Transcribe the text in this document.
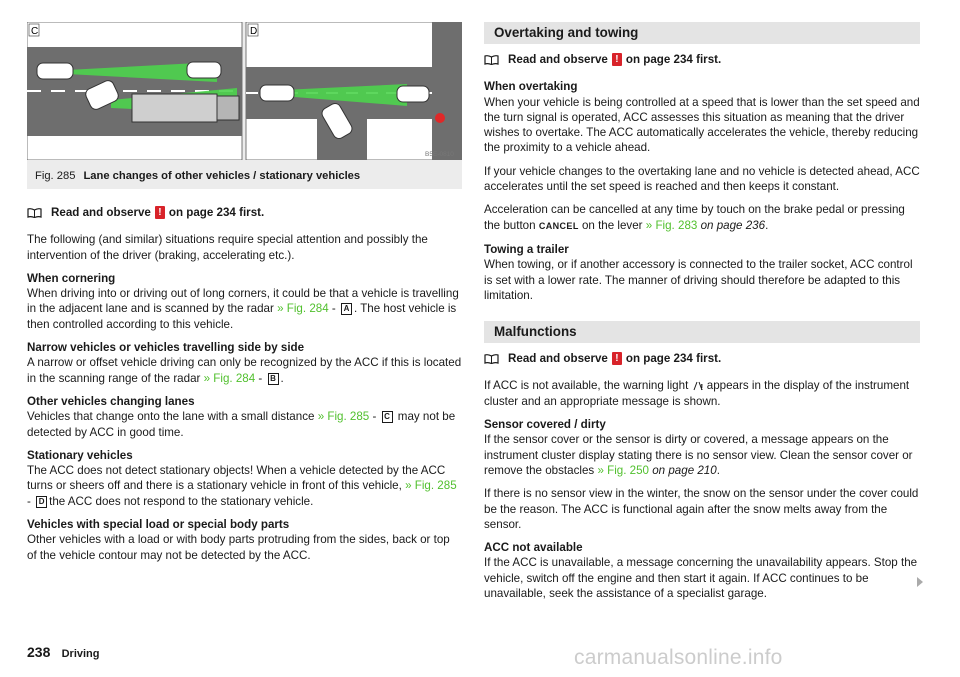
C	D
B5E-0810
Fig. 285 Lane changes of other vehicles / stationary vehicles
Read and observe ! on page 234 first.

The following (and similar) situations require special attention and possibly the intervention of the driver (braking, accelerating etc.).

When cornering
When driving into or driving out of long corners, it could be that a vehicle is travelling in the adjacent lane and is scanned by the radar » Fig. 284 - A . The host vehicle is then controlled according to this vehicle.

Narrow vehicles or vehicles travelling side by side
A narrow or offset vehicle driving can only be recognized by the ACC if this is located in the scanning range of the radar » Fig. 284 - B .

Other vehicles changing lanes
Vehicles that change onto the lane with a small distance » Fig. 285 - C may not be detected by ACC in good time.

Stationary vehicles
The ACC does not detect stationary objects! When a vehicle detected by the ACC turns or sheers off and there is a stationary vehicle in front of this vehicle, » Fig. 285 - D the ACC does not respond to the stationary vehicle.

Vehicles with special load or special body parts
Other vehicles with a load or with body parts protruding from the sides, back or top of the vehicle contour may not be detected by the ACC.

Overtaking and towing
Read and observe ! on page 234 first.

When overtaking
When your vehicle is being controlled at a speed that is lower than the set speed and the turn signal is operated, ACC assesses this situation as meaning that the driver wishes to overtake. The ACC automatically accelerates the vehicle, thereby reducing the proximity to a vehicle ahead.

If your vehicle changes to the overtaking lane and no vehicle is detected ahead, ACC accelerates until the set speed is reached and then keeps it constant.

Acceleration can be cancelled at any time by touch on the brake pedal or pressing the button CANCEL on the lever » Fig. 283 on page 236.

Towing a trailer
When towing, or if another accessory is connected to the trailer socket, ACC control is set with a lower rate. The manner of driving should therefore be adapted to this limitation.

Malfunctions
Read and observe ! on page 234 first.

If ACC is not available, the warning light ! appears in the display of the instrument cluster and an appropriate message is shown.

Sensor covered / dirty
If the sensor cover or the sensor is dirty or covered, a message appears on the instrument cluster display stating there is no sensor view. Clean the sensor cover or remove the obstacles » Fig. 250 on page 210.

If there is no sensor view in the winter, the snow on the sensor under the cover could be the reason. The ACC is functional again after the snow melts away from the sensor.

ACC not available
If the ACC is unavailable, a message concerning the unavailability appears. Stop the vehicle, switch off the engine and then start it again. If ACC continues to be unavailable, seek the assistance of a specialist garage.

238 Driving	carmanualsonline.info
